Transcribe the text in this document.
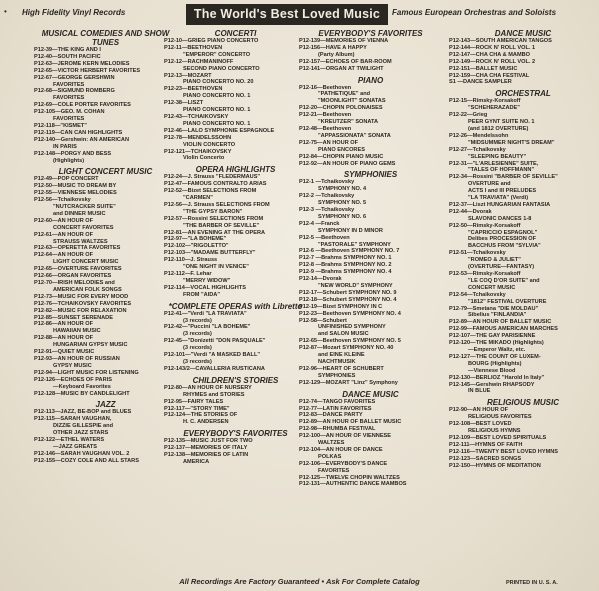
• High Fidelity Vinyl Records	The World's Best Loved Music	Famous European Orchestras and Soloists
MUSICAL COMEDIES AND SHOW TUNES
P12-39—THE KING AND I
P12-40—SOUTH PACIFIC
P12-63—JEROME KERN MELODIES
P12-65—VICTOR HERBERT FAVORITES
P12-67—GEORGE GERSHWIN
FAVORITES
P12-68—SIGMUND ROMBERG
FAVORITES
P12-69—COLE PORTER FAVORITES
P12-105—GEO. M. COHAN
FAVORITES
P12-118—"KISMET"
P12-119—CAN CAN HIGHLIGHTS
P12-140—Gershwin: AN AMERICAN
IN PARIS
P12-148—PORGY AND BESS
(Highlights)
LIGHT CONCERT MUSIC
P12-49—POP CONCERT
P12-50—MUSIC TO DREAM BY
P12-55—VIENNESE MELODIES
P12-56—Tchaikovsky
"NUTCRACKER SUITE"
and DINNER MUSIC
P12-60—AN HOUR OF
CONCERT FAVORITES
P12-61—AN HOUR OF
STRAUSS WALTZES
P12-63—OPERETTA FAVORITES
P12-64—AN HOUR OF
LIGHT CONCERT MUSIC
P12-65—OVERTURE FAVORITES
P12-66—ORGAN FAVORITES
P12-70—IRISH MELODIES and
AMERICAN FOLK SONGS
P12-73—MUSIC FOR EVERY MOOD
P12-76—TCHAIKOVSKY FAVORITES
P12-82—MUSIC FOR RELAXATION
P12-85—SUNSET SERENADE
P12-86—AN HOUR OF
HAWAIIAN MUSIC
P12-88—AN HOUR OF
HUNGARIAN GYPSY MUSIC
P12-91—QUIET MUSIC
P12-93—AN HOUR OF RUSSIAN
GYPSY MUSIC
P12-94—LIGHT MUSIC FOR LISTENING
P12-126—ECHOES OF PARIS
—Keyboard Favorites
P12-128—MUSIC BY CANDLELIGHT
JAZZ
P12-113—JAZZ, BE-BOP and BLUES
P12-115—SARAH VAUGHAN,
DIZZIE GILLESPIE and
OTHER JAZZ STARS
P12-122—ETHEL WATERS
—JAZZ GREATS
P12-146—SARAH VAUGHAN VOL. 2
P12-155—COZY COLE AND ALL STARS
CONCERTI
P12-10—GRIEG PIANO CONCERTO
P12-11—BEETHOVEN
"EMPEROR" CONCERTO
P12-12—RACHMANINOFF
SECOND PIANO CONCERTO
P12-13—MOZART
PIANO CONCERTO NO. 20
P12-23—BEETHOVEN
PIANO CONCERTO NO. 1
P12-38—LISZT
PIANO CONCERTO NO. 1
P12-43—TCHAIKOVSKY
PIANO CONCERTO NO. 1
P12-46—LALO SYMPHONIE ESPAGNOLE
P12-78—MENDELSSOHN
VIOLIN CONCERTO
P12-121—TCHAIKOVSKY
Violin Concerto
OPERA HIGHLIGHTS
P12-24—J. Strauss "FLEDERMAUS"
P12-47—FAMOUS CONTRALTO ARIAS
P12-52—Bizet SELECTIONS FROM
"CARMEN"
P12-56—J. Strauss SELECTIONS FROM
"THE GYPSY BARON"
P12-57—Rossini SELECTIONS FROM
"THE BARBER OF SEVILLE"
P12-81—AN EVENING AT THE OPERA
P12-97—"LA BOHEME"
P12-102—"RIGOLETTO"
P12-103—"MADAME BUTTERFLY"
P12-110—J. Strauss
"ONE NIGHT IN VENICE"
P12-112—F. Lehar
"MERRY WIDOW"
P12-114—VOCAL HIGHLIGHTS
FROM "AIDA"
*COMPLETE OPERAS with Libretto
P12-41—"Verdi "LA TRAVIATA"
(3 records)
P12-42—"Puccini "LA BOHEME"
(3 records)
P12-45—"Donizetti "DON PASQUALE"
(3 records)
P12-101—"Verdi "A MASKED BALL"
(3 records)
P12-143/2—CAVALLERIA RUSTICANA
CHILDREN'S STORIES
P12-80—AN HOUR OF NURSERY
RHYMES and STORIES
P12-95—FAIRY TALES
P12-117—"STORY TIME"
P12-124—THE STORIES OF
H. C. ANDERSEN
EVERYBODY'S FAVORITES
P12-135—MUSIC JUST FOR TWO
P12-137—MEMORIES OF ITALY
P12-138—MEMORIES OF LATIN
AMERICA
EVERYBODY'S FAVORITES
P12-139—MEMORIES OF VIENNA
P12-156—HAVE A HAPPY
(Party Album)
P12-157—ECHOES OF BAR-ROOM
P12-141—ORGAN AT TWILIGHT
PIANO
P12-16—Beethoven
"PATHETIQUE" and
"MOONLIGHT" SONATAS
P12-20—CHOPIN POLONAISES
P12-21—Beethoven
"KREUTZER" SONATA
P12-48—Beethoven
"APPASSIONATA" SONATA
P12-75—AN HOUR OF
PIANO ENCORES
P12-84—CHOPIN PIANO MUSIC
P12-92—AN HOUR OF PIANO GEMS
SYMPHONIES
P12-1 —Tchaikovsky
SYMPHONY NO. 4
P12-2 —Tchaikovsky
SYMPHONY NO. 5
P12-3 —Tchaikovsky
SYMPHONY NO. 6
P12-4 —Franck
SYMPHONY IN D MINOR
P12-5 —Beethoven
"PASTORALE" SYMPHONY
P12-6 —Beethoven SYMPHONY NO. 7
P12-7 —Brahms SYMPHONY NO. 1
P12-8 —Brahms SYMPHONY NO. 2
P12-9 —Brahms SYMPHONY NO. 4
P12-14—Dvorak
"NEW WORLD" SYMPHONY
P12-17—Schubert SYMPHONY NO. 9
P12-18—Schubert SYMPHONY NO. 4
P12-19—Bizet SYMPHONY IN C
P12-23—Beethoven SYMPHONY NO. 4
P12-58—Schubert
UNFINISHED SYMPHONY
and SALON MUSIC
P12-65—Beethoven SYMPHONY NO. 5
P12-87—Mozart SYMPHONY NO. 40
and EINE KLEINE
NACHTMUSIK
P12-96—HEART OF SCHUBERT
SYMPHONIES
P12-129—MOZART "Linz" Symphony
DANCE MUSIC
P12-74—TANGO FAVORITES
P12-77—LATIN FAVORITES
P12-83—DANCE PARTY
P12-89—AN HOUR OF BALLET MUSIC
P12-98—RHUMBA FESTIVAL
P12-100—AN HOUR OF VIENNESE
WALTZES
P12-104—AN HOUR OF DANCE
POLKAS
P12-106—EVERYBODY'S DANCE
FAVORITES
P12-125—TWELVE CHOPIN WALTZES
P12-131—AUTHENTIC DANCE MAMBOS
DANCE MUSIC
P12-143—SOUTH AMERICAN TANGOS
P12-144—ROCK N' ROLL VOL. 1
P12-147—CHA CHA & MAMBO
P12-149—ROCK N' ROLL VOL. 2
P12-151—BALLET MUSIC
P12-159—CHA CHA FESTIVAL
S1 —DANCE SAMPLER
ORCHESTRAL
P12-15—Rimsky-Korsakoff
"SCHEHERAZADE"
P12-22—Grieg
PEER GYNT SUITE NO. 1
(and 1812 OVERTURE)
P12-26—Mendelssohn
"MIDSUMMER NIGHT'S DREAM"
P12-27—Tchaikovsky
"SLEEPING BEAUTY"
P12-31—"L'ARLESIENNE" SUITE,
"TALES OF HOFFMANN"
P12-34—Rossini "BARBER OF SEVILLE"
OVERTURE and
ACTS I and III PRELUDES
"LA TRAVIATA" (Verdi)
P12-37—Liszt HUNGARIAN FANTASIA
P12-44—Dvorak
SLAVONIC DANCES 1-8
P12-50—Rimsky-Korsakoff
"CAPRICCIO ESPAGNOL"
Delibes PROCESSION OF
BACCHUS FROM "SYLVIA"
P12-51—Tchaikovsky
"ROMEO & JULIET"
(OVERTURE—FANTASY)
P12-53—Rimsky-Korsakoff
"LE COQ D'OR SUITE" and
CONCERT MUSIC
P12-54—Tchaikovsky
"1812" FESTIVAL OVERTURE
P12-79—Smetana "DIE MOLDAU"
Sibelius "FINLANDIA"
P12-89—AN HOUR OF BALLET MUSIC
P12-99—FAMOUS AMERICAN MARCHES
P12-107—THE GAY PARISIENNE
P12-120—THE MIKADO (Highlights)
—Emperor Waltz, etc.
P12-127—THE COUNT OF LUXEM-
BOURG (Highlights)
—Viennese Blood
P12-130—BERLIOZ "Harold In Italy"
P12-145—Gershwin RHAPSODY
IN BLUE
RELIGIOUS MUSIC
P12-90—AN HOUR OF
RELIGIOUS FAVORITES
P12-108—BEST LOVED
RELIGIOUS HYMNS
P12-109—BEST LOVED SPIRITUALS
P12-111—HYMNS OF FAITH
P12-116—TWENTY BEST LOVED HYMNS
P12-123—SACRED SONGS
P12-150—HYMNS OF MEDITATION
All Recordings Are Factory Guaranteed • Ask For Complete Catalog	PRINTED IN U. S. A.
